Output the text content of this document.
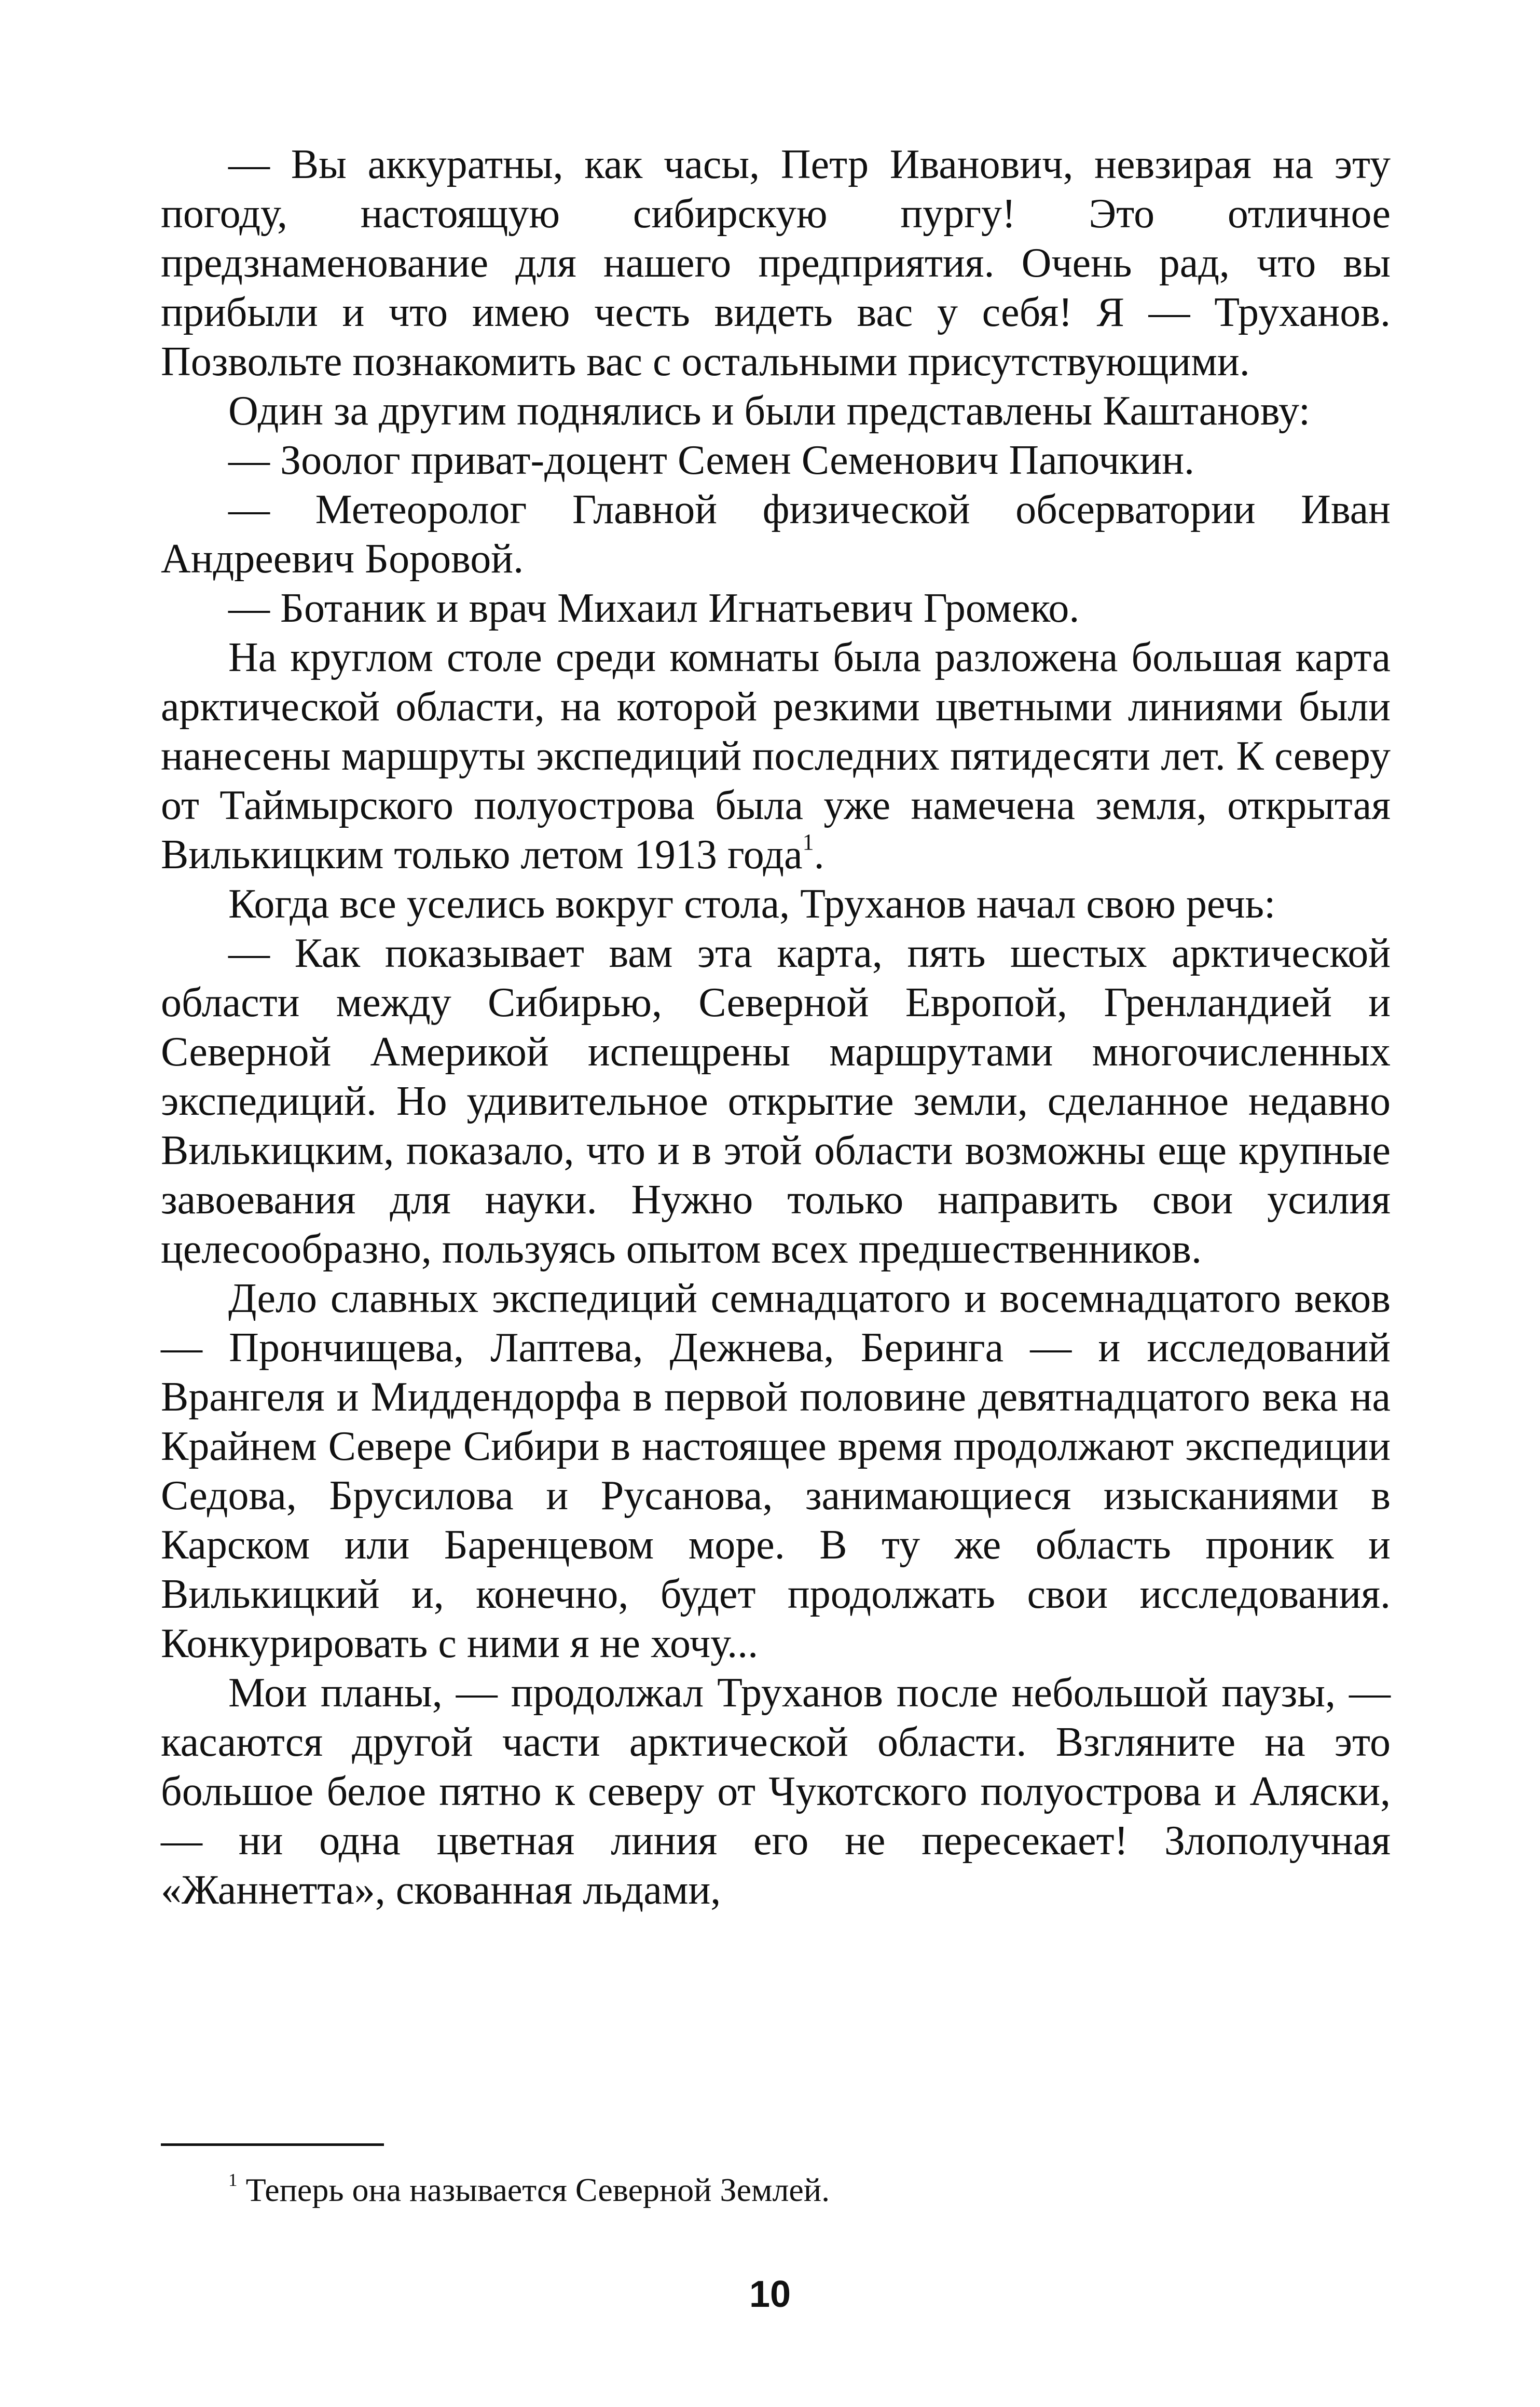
— Вы аккуратны, как часы, Петр Иванович, невзирая на эту погоду, настоящую сибирскую пургу! Это отличное предзнаменование для нашего предприятия. Очень рад, что вы прибыли и что имею честь видеть вас у себя! Я — Труханов. Позвольте познакомить вас с остальными присутствующими.

Один за другим поднялись и были представлены Каштанову:

— Зоолог приват-доцент Семен Семенович Папочкин.

— Метеоролог Главной физической обсерватории Иван Андреевич Боровой.

— Ботаник и врач Михаил Игнатьевич Громеко.

На круглом столе среди комнаты была разложена большая карта арктической области, на которой резкими цветными линиями были нанесены маршруты экспедиций последних пятидесяти лет. К северу от Таймырского полуострова была уже намечена земля, открытая Вилькицким только летом 1913 года$^1$.

Когда все уселись вокруг стола, Труханов начал свою речь:

— Как показывает вам эта карта, пять шестых арктической области между Сибирью, Северной Европой, Гренландией и Северной Америкой испещрены маршрутами многочисленных экспедиций. Но удивительное открытие земли, сделанное недавно Вилькицким, показало, что и в этой области возможны еще крупные завоевания для науки. Нужно только направить свои усилия целесообразно, пользуясь опытом всех предшественников.

Дело славных экспедиций семнадцатого и восемнадцатого веков — Прончищева, Лаптева, Дежнева, Беринга — и исследований Врангеля и Миддендорфа в первой половине девятнадцатого века на Крайнем Севере Сибири в настоящее время продолжают экспедиции Седова, Брусилова и Русанова, занимающиеся изысканиями в Карском или Баренцевом море. В ту же область проник и Вилькицкий и, конечно, будет продолжать свои исследования. Конкурировать с ними я не хочу...

Мои планы, — продолжал Труханов после небольшой паузы, — касаются другой части арктической области. Взгляните на это большое белое пятно к северу от Чукотского полуострова и Аляски, — ни одна цветная линия его не пересекает! Злополучная «Жаннетта», скованная льдами,

$^1$ Теперь она называется Северной Землей.
10
